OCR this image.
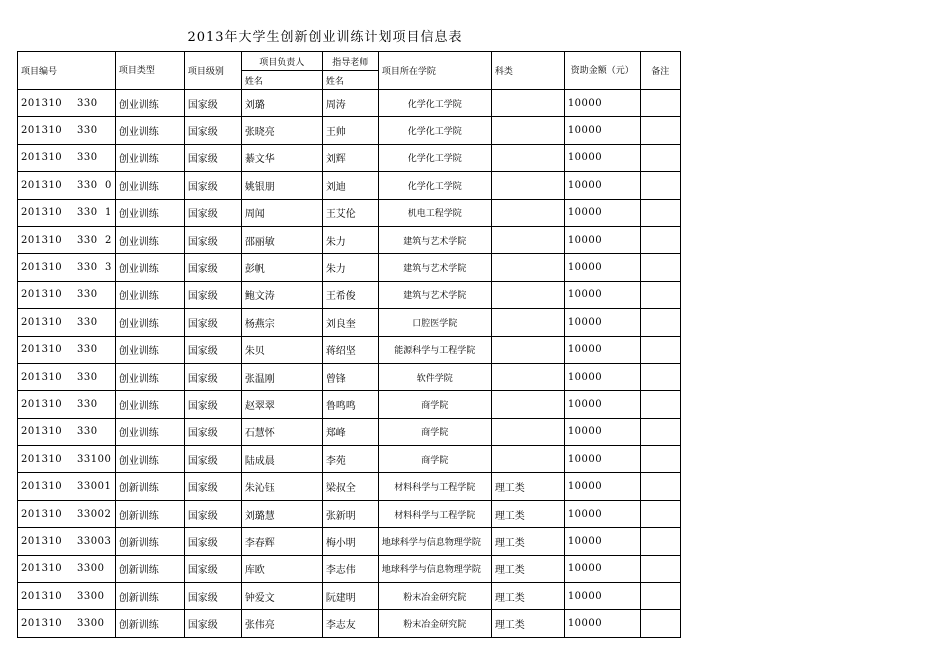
2013年大学生创新创业训练计划项目信息表
项目编号	项目类型	项目级别	项目负责人	指导老师	项目所在学院	科类	资助金额（元）	备注
			姓名	姓名				
201310 330	创业训练	国家级	刘璐	周涛	化学化工学院		10000	
201310 330	创业训练	国家级	张晓亮	王帅	化学化工学院		10000	
201310 330	创业训练	国家级	綦文华	刘辉	化学化工学院		10000	
201310 330  0	创业训练	国家级	姚银朋	刘迪	化学化工学院		10000	
201310 330  1	创业训练	国家级	周闻	王艾伦	机电工程学院		10000	
201310 330  2	创业训练	国家级	邵丽敏	朱力	建筑与艺术学院		10000	
201310 330  3	创业训练	国家级	彭帆	朱力	建筑与艺术学院		10000	
201310 330	创业训练	国家级	鲍文涛	王希俊	建筑与艺术学院		10000	
201310 330	创业训练	国家级	杨燕宗	刘良奎	口腔医学院		10000	
201310 330	创业训练	国家级	朱贝	蒋绍坚	能源科学与工程学院		10000	
201310 330	创业训练	国家级	张温刚	曾锋	软件学院		10000	
201310 330	创业训练	国家级	赵翠翠	鲁鸣鸣	商学院		10000	
201310 330	创业训练	国家级	石慧怀	郑峰	商学院		10000	
201310 33100	创业训练	国家级	陆成晨	李苑	商学院		10000	
201310 33001	创新训练	国家级	朱沁钰	梁叔全	材料科学与工程学院	理工类	10000	
201310 33002	创新训练	国家级	刘璐慧	张新明	材料科学与工程学院	理工类	10000	
201310 33003	创新训练	国家级	李春辉	梅小明	地球科学与信息物理学院	理工类	10000	
201310 3300	创新训练	国家级	库欧	李志伟	地球科学与信息物理学院	理工类	10000	
201310 3300	创新训练	国家级	钟爱文	阮建明	粉末冶金研究院	理工类	10000	
201310 3300	创新训练	国家级	张伟亮	李志友	粉末冶金研究院	理工类	10000	
